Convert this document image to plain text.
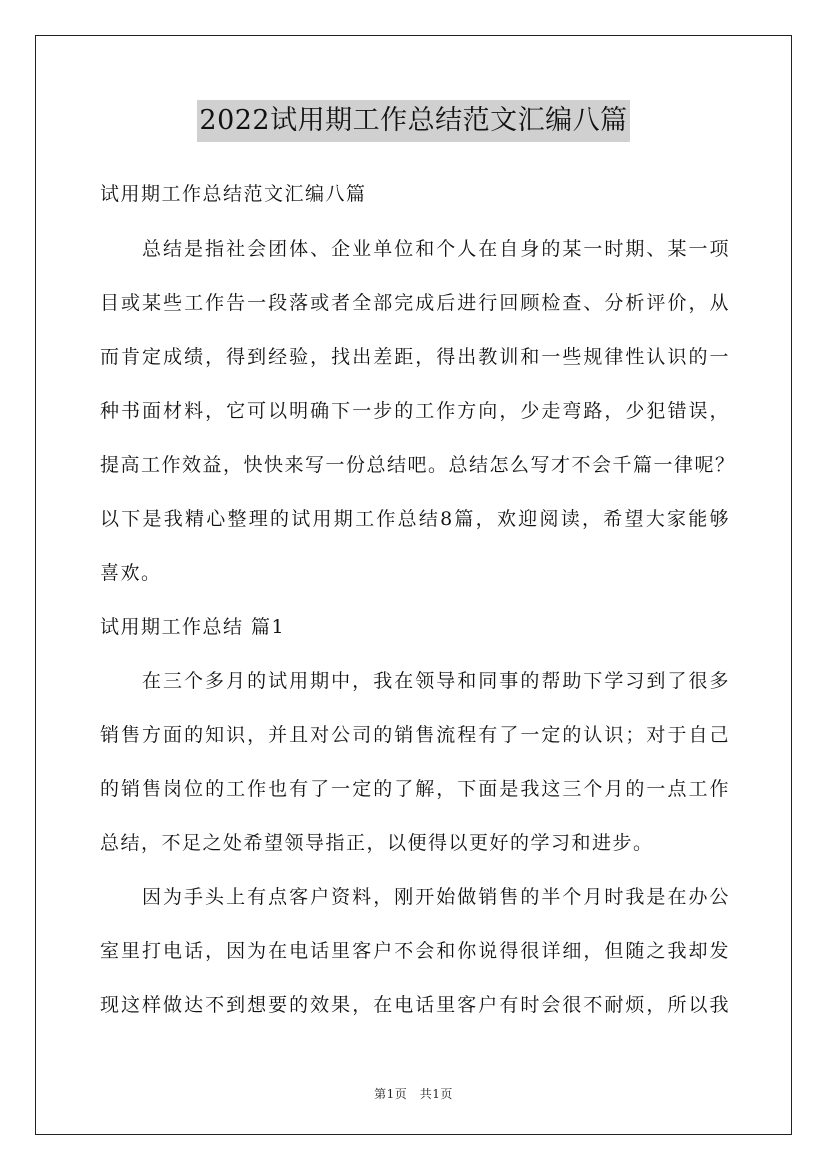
2022试用期工作总结范文汇编八篇
试用期工作总结范文汇编八篇
总结是指社会团体、企业单位和个人在自身的某一时期、某一项
目或某些工作告一段落或者全部完成后进行回顾检查、分析评价，从
而肯定成绩，得到经验，找出差距，得出教训和一些规律性认识的一
种书面材料，它可以明确下一步的工作方向，少走弯路，少犯错误，
提高工作效益，快快来写一份总结吧。总结怎么写才不会千篇一律呢？
以下是我精心整理的试用期工作总结8篇，欢迎阅读，希望大家能够
喜欢。
试用期工作总结 篇1
在三个多月的试用期中，我在领导和同事的帮助下学习到了很多
销售方面的知识，并且对公司的销售流程有了一定的认识；对于自己
的销售岗位的工作也有了一定的了解，下面是我这三个月的一点工作
总结，不足之处希望领导指正，以便得以更好的学习和进步。
因为手头上有点客户资料，刚开始做销售的半个月时我是在办公
室里打电话，因为在电话里客户不会和你说得很详细，但随之我却发
现这样做达不到想要的效果，在电话里客户有时会很不耐烦，所以我
第1页　共1页
